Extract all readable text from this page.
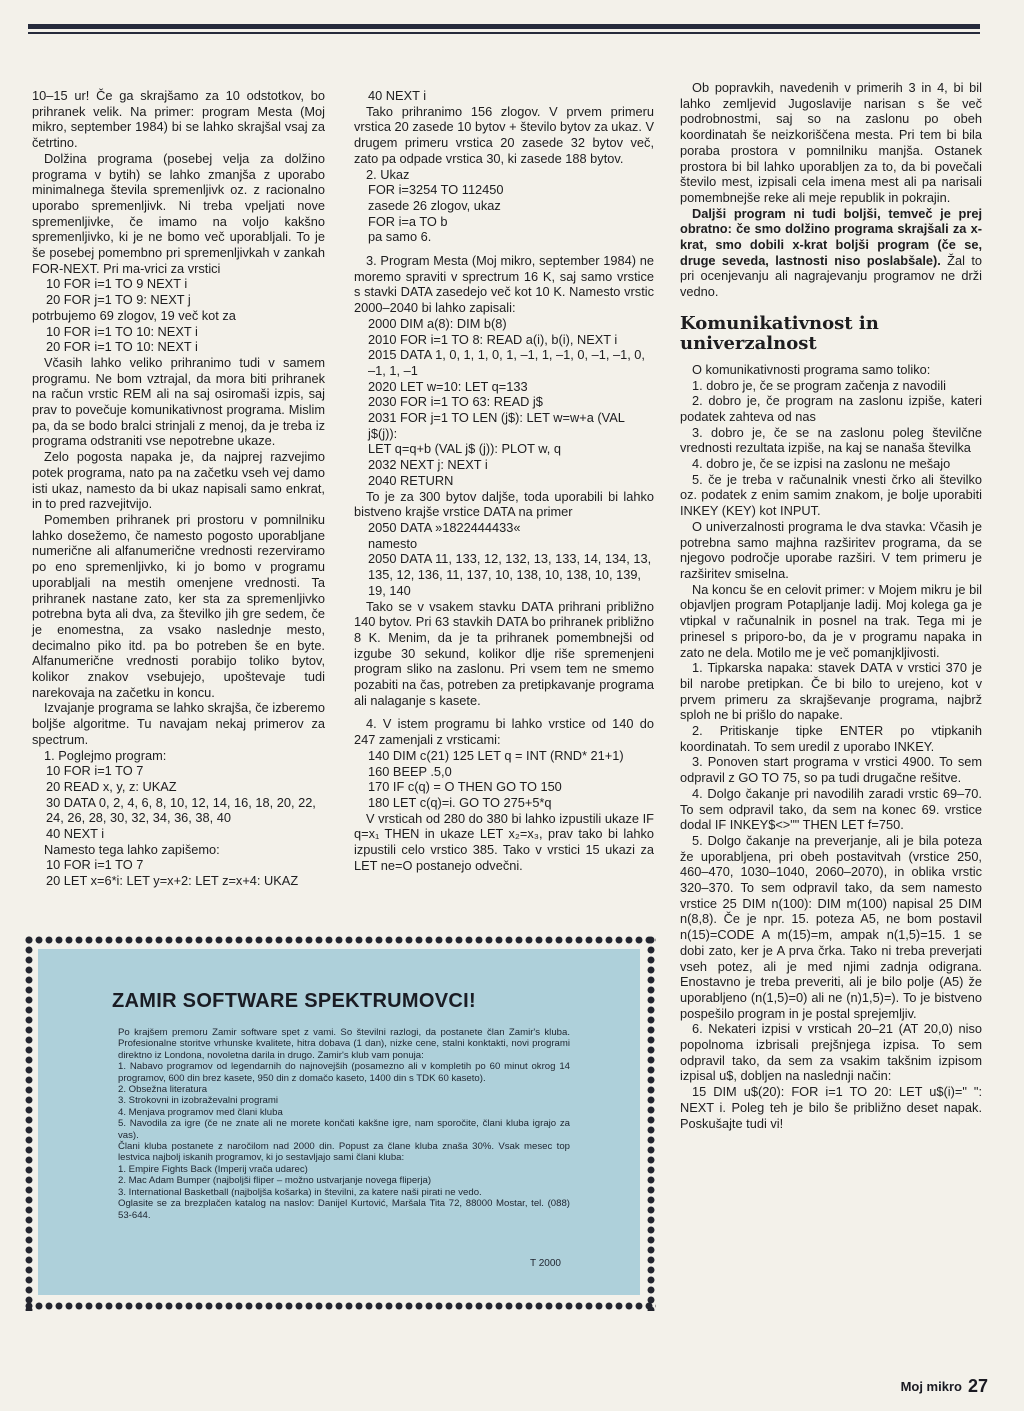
10–15 ur! Če ga skrajšamo za 10 odstotkov, bo prihranek velik. Na primer: program Mesta (Moj mikro, september 1984) bi se lahko skrajšal vsaj za četrtino.

Dolžina programa (posebej velja za dolžino programa v bytih) se lahko zmanjša z uporabo minimalnega števila spremenljivk oz. z racionalno uporabo spremenljivk. Ni treba vpeljati nove spremenljivke, če imamo na voljo kakšno spremenljivko, ki je ne bomo več uporabljali. To je še posebej pomembno pri spremenljivkah v zankah FOR-NEXT. Pri ma-vrici za vrstici

10 FOR i=1 TO 9 NEXT i

20 FOR j=1 TO 9: NEXT j

potrbujemo 69 zlogov, 19 več kot za

10 FOR i=1 TO 10: NEXT i

20 FOR i=1 TO 10: NEXT i

Včasih lahko veliko prihranimo tudi v samem programu. Ne bom vztrajal, da mora biti prihranek na račun vrstic REM ali na saj osiromaši izpis, saj prav to povečuje komunikativnost programa. Mislim pa, da se bodo bralci strinjali z menoj, da je treba iz programa odstraniti vse nepotrebne ukaze.

Zelo pogosta napaka je, da najprej razvejimo potek programa, nato pa na začetku vseh vej damo isti ukaz, namesto da bi ukaz napisali samo enkrat, in to pred razvejitvijo.

Pomemben prihranek pri prostoru v pomnilniku lahko dosežemo, če namesto pogosto uporabljane numerične ali alfanumerične vrednosti rezerviramo po eno spremenljivko, ki jo bomo v programu uporabljali na mestih omenjene vrednosti. Ta prihranek nastane zato, ker sta za spremenljivko potrebna byta ali dva, za številko jih gre sedem, če je enomestna, za vsako naslednje mesto, decimalno piko itd. pa bo potreben še en byte. Alfanumerične vrednosti porabijo toliko bytov, kolikor znakov vsebujejo, upoštevaje tudi narekovaja na začetku in koncu.

Izvajanje programa se lahko skrajša, če izberemo boljše algoritme. Tu navajam nekaj primerov za spectrum.

1. Poglejmo program:

10 FOR i=1 TO 7

20 READ x, y, z: UKAZ

30 DATA 0, 2, 4, 6, 8, 10, 12, 14, 16, 18, 20, 22, 24, 26, 28, 30, 32, 34, 36, 38, 40

40 NEXT i

Namesto tega lahko zapišemo:

10 FOR i=1 TO 7

20 LET x=6*i: LET y=x+2: LET z=x+4: UKAZ

40 NEXT i

Tako prihranimo 156 zlogov. V prvem primeru vrstica 20 zasede 10 bytov + število bytov za ukaz. V drugem primeru vrstica 20 zasede 32 bytov več, zato pa odpade vrstica 30, ki zasede 188 bytov.

2. Ukaz

FOR i=3254 TO 112450

zasede 26 zlogov, ukaz

FOR i=a TO b

pa samo 6.

3. Program Mesta (Moj mikro, september 1984) ne moremo spraviti v sprectrum 16 K, saj samo vrstice s stavki DATA zasedejo več kot 10 K. Namesto vrstic 2000–2040 bi lahko zapisali:

2000 DIM a(8): DIM b(8)

2010 FOR i=1 TO 8: READ a(i), b(i), NEXT i

2015 DATA 1, 0, 1, 1, 0, 1, –1, 1, –1, 0, –1, –1, 0, –1, 1, –1

2020 LET w=10: LET q=133

2030 FOR i=1 TO 63: READ j$

2031 FOR j=1 TO LEN (j$): LET w=w+a (VAL j$(j)):

LET q=q+b (VAL j$ (j)): PLOT w, q

2032 NEXT j: NEXT i

2040 RETURN

To je za 300 bytov daljše, toda uporabili bi lahko bistveno krajše vrstice DATA na primer

2050 DATA »1822444433«

namesto

2050 DATA 11, 133, 12, 132, 13, 133, 14, 134, 13, 135, 12, 136, 11, 137, 10, 138, 10, 138, 10, 139, 19, 140

Tako se v vsakem stavku DATA prihrani približno 140 bytov. Pri 63 stavkih DATA bo prihranek približno 8 K. Menim, da je ta prihranek pomembnejši od izgube 30 sekund, kolikor dlje riše spremenjeni program sliko na zaslonu. Pri vsem tem ne smemo pozabiti na čas, potreben za pretipkavanje programa ali nalaganje s kasete.

4. V istem programu bi lahko vrstice od 140 do 247 zamenjali z vrsticami:

140 DIM c(21) 125 LET q = INT (RND* 21+1)

160 BEEP .5,0

170 IF c(q) = O THEN GO TO 150

180 LET c(q)=i. GO TO 275+5*q

V vrsticah od 280 do 380 bi lahko izpustili ukaze IF q=x₁ THEN in ukaze LET x₂=x₃, prav tako bi lahko izpustili celo vrstico 385. Tako v vrstici 15 ukazi za LET ne=O postanejo odvečni.

Ob popravkih, navedenih v primerih 3 in 4, bi bil lahko zemljevid Jugoslavije narisan s še več podrobnostmi, saj so na zaslonu po obeh koordinatah še neizkoriščena mesta. Pri tem bi bila poraba prostora v pomnilniku manjša. Ostanek prostora bi bil lahko uporabljen za to, da bi povečali število mest, izpisali cela imena mest ali pa narisali pomembnejše reke ali meje republik in pokrajin.

Daljši program ni tudi boljši, temveč je prej obratno: če smo dolžino programa skrajšali za x-krat, smo dobili x-krat boljši program (če se, druge seveda, lastnosti niso poslabšale). Žal to pri ocenjevanju ali nagrajevanju programov ne drži vedno.

Komunikativnost in univerzalnost

O komunikativnosti programa samo toliko:

1. dobro je, če se program začenja z navodili

2. dobro je, če program na zaslonu izpiše, kateri podatek zahteva od nas

3. dobro je, če se na zaslonu poleg številčne vrednosti rezultata izpiše, na kaj se nanaša številka

4. dobro je, če se izpisi na zaslonu ne mešajo

5. če je treba v računalnik vnesti črko ali številko oz. podatek z enim samim znakom, je bolje uporabiti INKEY (KEY) kot INPUT.

O univerzalnosti programa le dva stavka: Včasih je potrebna samo majhna razširitev programa, da se njegovo področje uporabe razširi. V tem primeru je razširitev smiselna.

Na koncu še en celovit primer: v Mojem mikru je bil objavljen program Potapljanje ladij. Moj kolega ga je vtipkal v računalnik in posnel na trak. Tega mi je prinesel s priporo-bo, da je v programu napaka in zato ne dela. Motilo me je več pomanjkljivosti.

1. Tipkarska napaka: stavek DATA v vrstici 370 je bil narobe pretipkan. Če bi bilo to urejeno, kot v prvem primeru za skrajševanje programa, najbrž sploh ne bi prišlo do napake.

2. Pritiskanje tipke ENTER po vtipkanih koordinatah. To sem uredil z uporabo INKEY.

3. Ponoven start programa v vrstici 4900. To sem odpravil z GO TO 75, so pa tudi drugačne rešitve.

4. Dolgo čakanje pri navodilih zaradi vrstic 69–70. To sem odpravil tako, da sem na konec 69. vrstice dodal IF INKEY$<>"" THEN LET f=750.

5. Dolgo čakanje na preverjanje, ali je bila poteza že uporabljena, pri obeh postavitvah (vrstice 250, 460–470, 1030–1040, 2060–2070), in oblika vrstic 320–370. To sem odpravil tako, da sem namesto vrstice 25 DIM n(100): DIM m(100) napisal 25 DIM n(8,8). Če je npr. 15. poteza A5, ne bom postavil n(15)=CODE A m(15)=m, ampak n(1,5)=15. 1 se dobi zato, ker je A prva črka. Tako ni treba preverjati vseh potez, ali je med njimi zadnja odigrana. Enostavno je treba preveriti, ali je bilo polje (A5) že uporabljeno (n(1,5)=0) ali ne (n)1,5)=). To je bistveno pospešilo program in je postal sprejemljiv.

6. Nekateri izpisi v vrsticah 20–21 (AT 20,0) niso popolnoma izbrisali prejšnjega izpisa. To sem odpravil tako, da sem za vsakim takšnim izpisom izpisal u$, dobljen na naslednji način:

15 DIM u$(20): FOR i=1 TO 20: LET u$(i)=" ": NEXT i. Poleg teh je bilo še približno deset napak. Poskušajte tudi vi!

ZAMIR SOFTWARE SPEKTRUMOVCI!

Po krajšem premoru Zamir software spet z vami. So številni razlogi, da postanete član Zamir's kluba. Profesionalne storitve vrhunske kvalitete, hitra dobava (1 dan), nizke cene, stalni konktakti, novi programi direktno iz Londona, novoletna darila in drugo. Zamir's klub vam ponuja:

1. Nabavo programov od legendarnih do najnovejših (posamezno ali v kompletih po 60 minut okrog 14 programov, 600 din brez kasete, 950 din z domačo kaseto, 1400 din s TDK 60 kaseto).

2. Obsežna literatura

3. Strokovni in izobraževalni programi

4. Menjava programov med člani kluba

5. Navodila za igre (če ne znate ali ne morete končati kakšne igre, nam sporočite, člani kluba igrajo za vas).

Člani kluba postanete z naročilom nad 2000 din. Popust za člane kluba znaša 30%. Vsak mesec top lestvica najbolj iskanih programov, ki jo sestavljajo sami člani kluba:

1. Empire Fights Back (Imperij vrača udarec)

2. Mac Adam Bumper (najboljši fliper – možno ustvarjanje novega fliperja)

3. International Basketball (najboljša košarka) in številni, za katere naši pirati ne vedo.

Oglasite se za brezplačen katalog na naslov: Danijel Kurtović, Maršala Tita 72, 88000 Mostar, tel. (088) 53-644.

T 2000
Moj mikro 27
